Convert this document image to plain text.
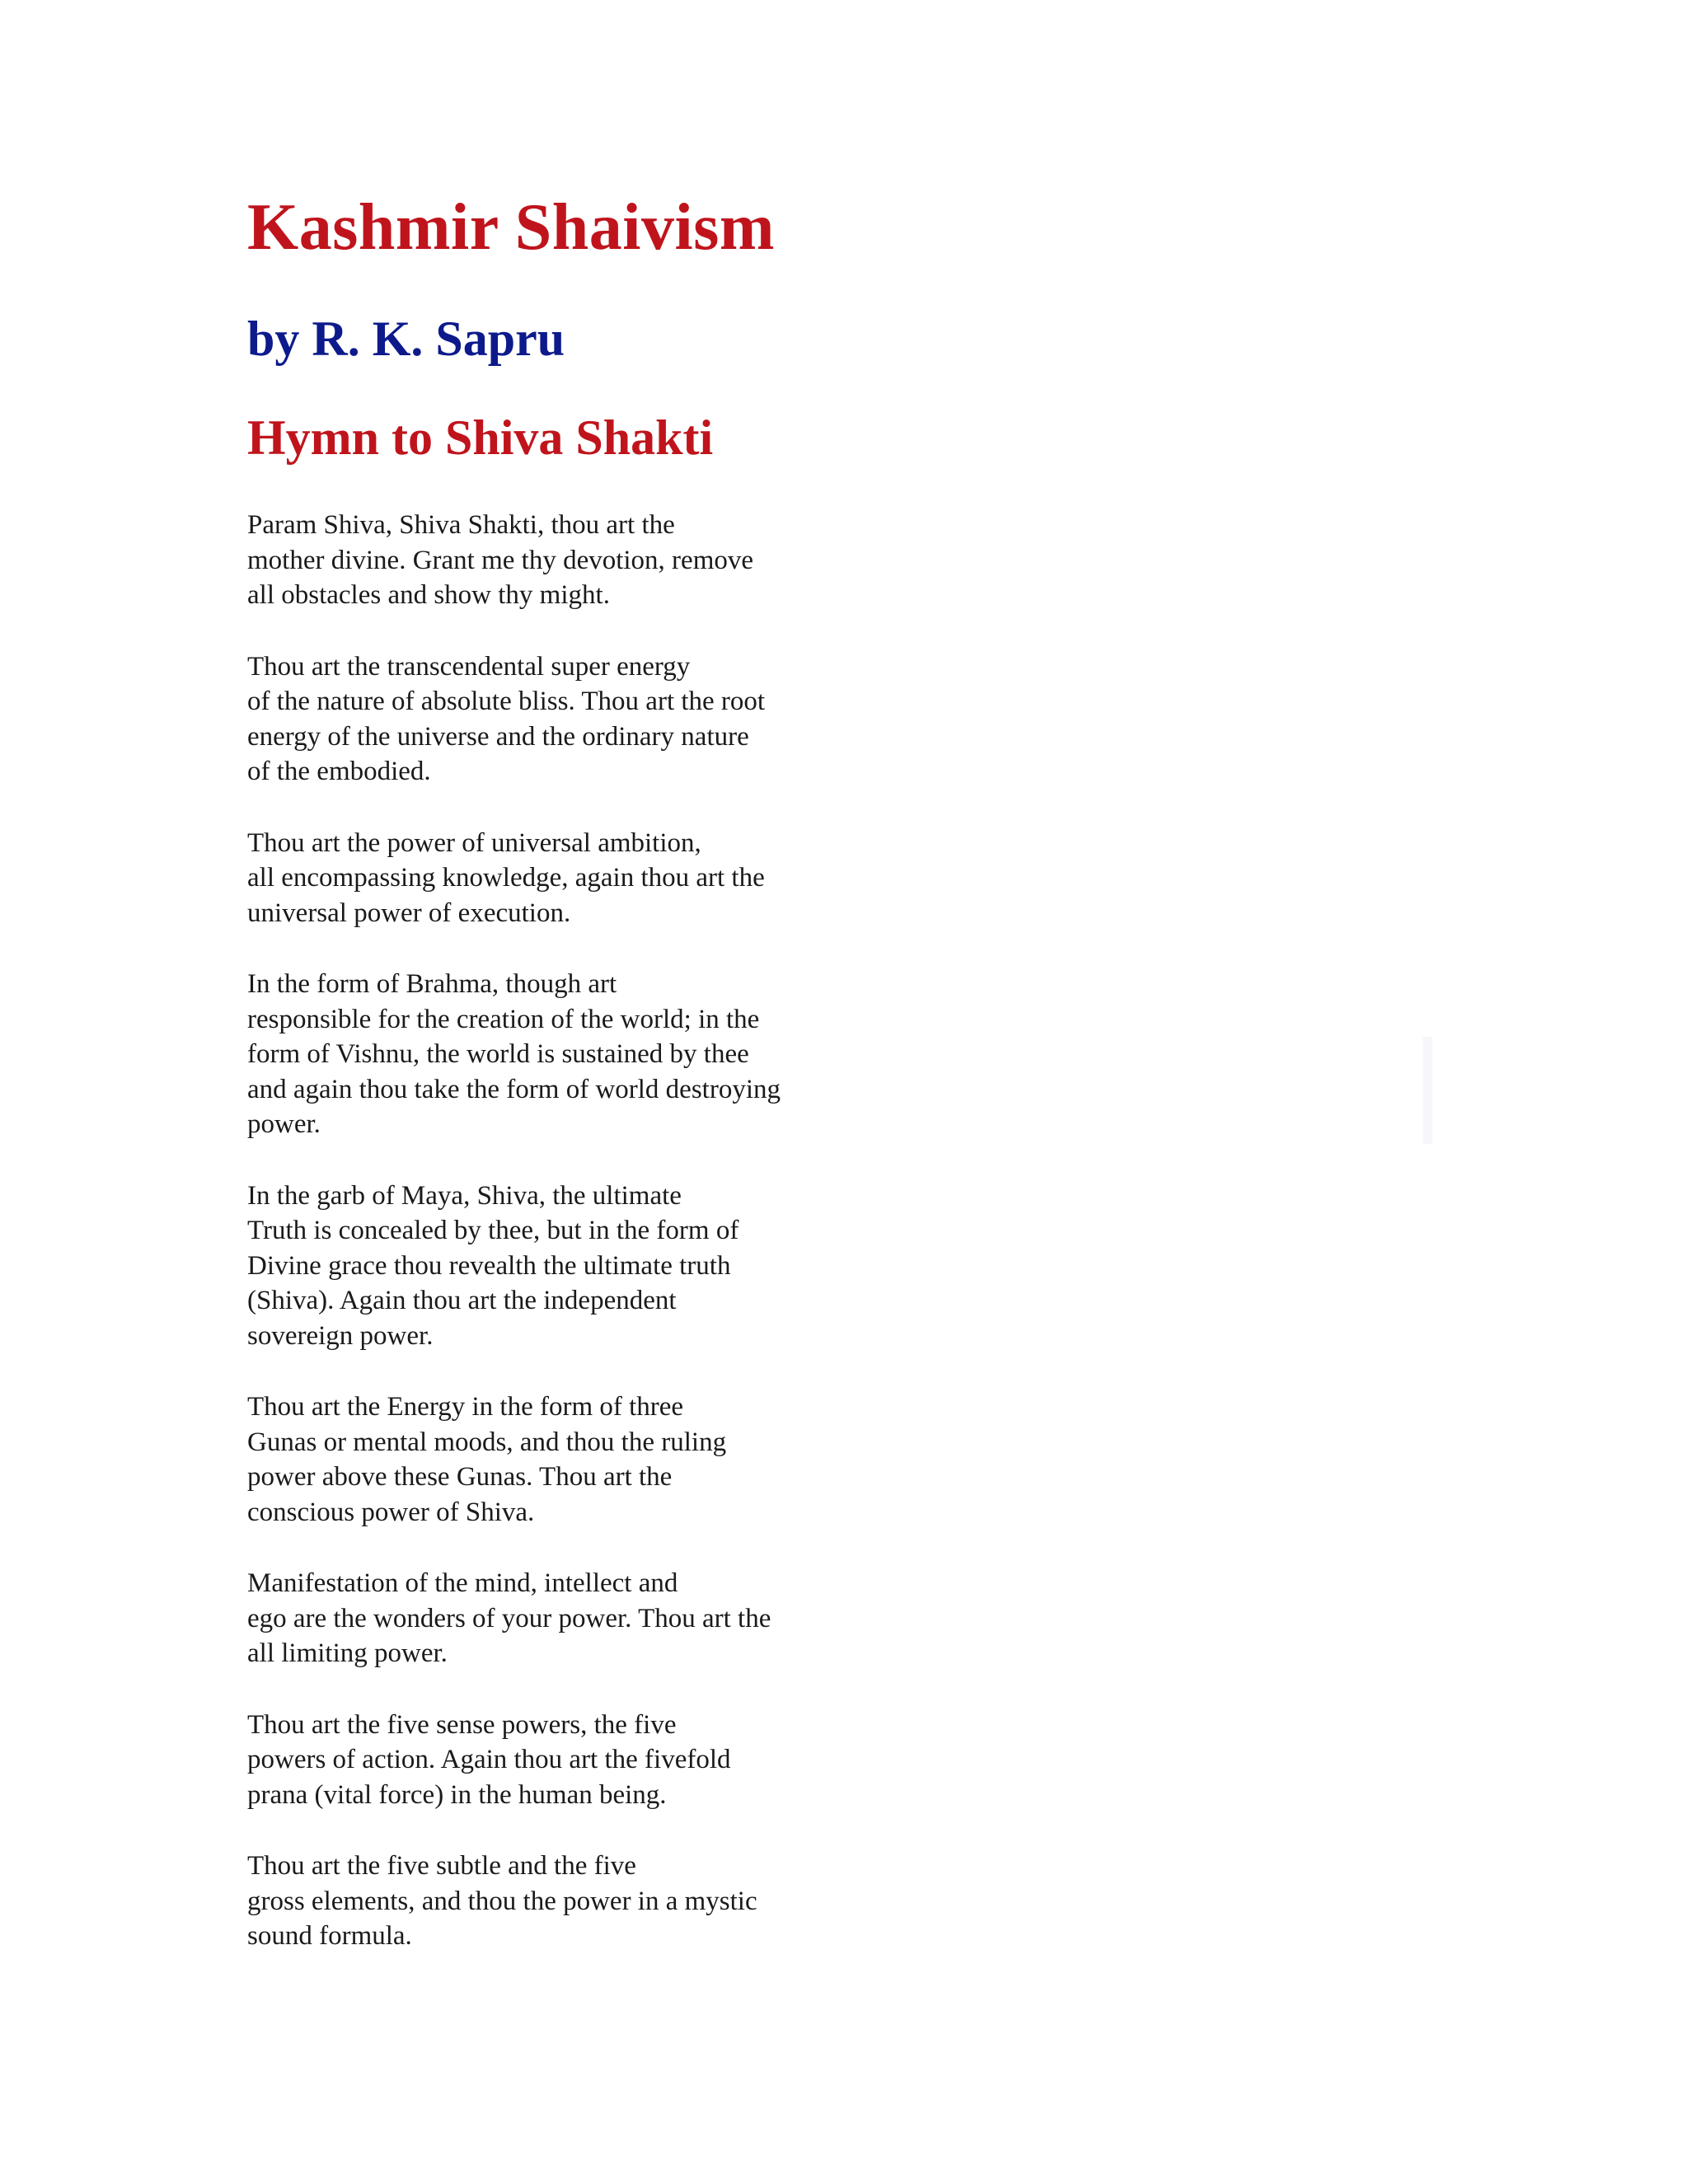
Kashmir Shaivism
by R. K. Sapru
Hymn to Shiva Shakti
Param Shiva, Shiva Shakti, thou art the
mother divine. Grant me thy devotion, remove
all obstacles and show thy might.
Thou art the transcendental super energy
of the nature of absolute bliss. Thou art the root
energy of the universe and the ordinary nature
of the embodied.
Thou art the power of universal ambition,
all encompassing knowledge, again thou art the
universal power of execution.
In the form of Brahma, though art
responsible for the creation of the world; in the
form of Vishnu, the world is sustained by thee
and again thou take the form of world destroying
power.
In the garb of Maya, Shiva, the ultimate
Truth is concealed by thee, but in the form of
Divine grace thou revealth the ultimate truth
(Shiva). Again thou art the independent
sovereign power.
Thou art the Energy in the form of three
Gunas or mental moods, and thou the ruling
power above these Gunas. Thou art the
conscious power of Shiva.
Manifestation of the mind, intellect and
ego are the wonders of your power. Thou art the
all limiting power.
Thou art the five sense powers, the five
powers of action. Again thou art the fivefold
prana (vital force) in the human being.
Thou art the five subtle and the five
gross elements, and thou the power in a mystic
sound formula.
